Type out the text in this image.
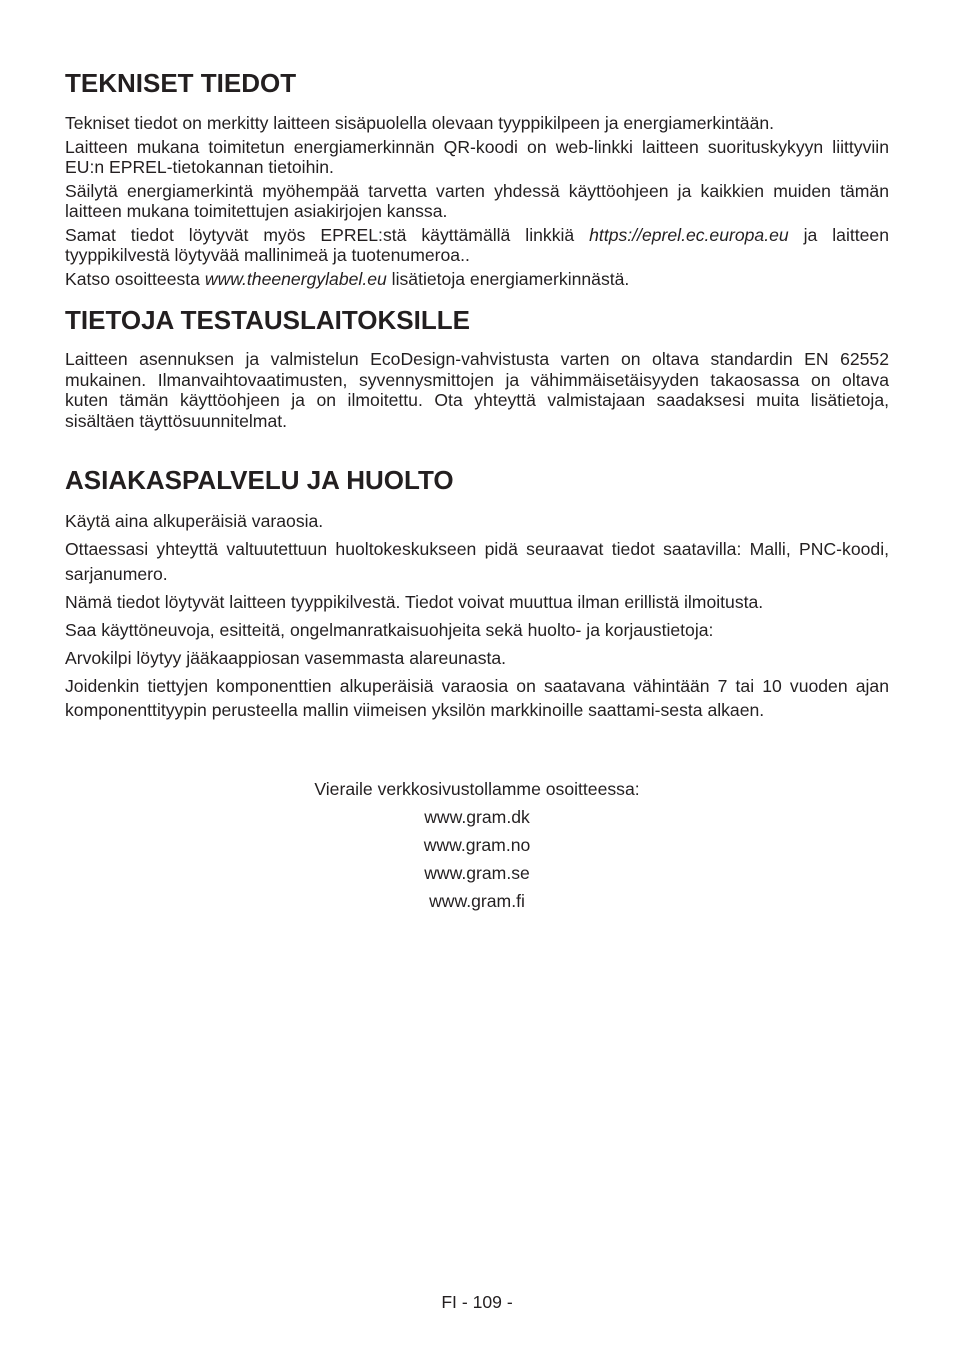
TEKNISET TIEDOT

Tekniset tiedot on merkitty laitteen sisäpuolella olevaan tyyppikilpeen ja energiamerkintään.

Laitteen mukana toimitetun energiamerkinnän QR-koodi on web-linkki laitteen suorituskykyyn liittyviin EU:n EPREL-tietokannan tietoihin.

Säilytä energiamerkintä myöhempää tarvetta varten yhdessä käyttöohjeen ja kaikkien muiden tämän laitteen mukana toimitettujen asiakirjojen kanssa.

Samat tiedot löytyvät myös EPREL:stä käyttämällä linkkiä https://eprel.ec.europa.eu ja laitteen tyyppikilvestä löytyvää mallinimeä ja tuotenumeroa..

Katso osoitteesta www.theenergylabel.eu lisätietoja energiamerkinnästä.

TIETOJA TESTAUSLAITOKSILLE

Laitteen asennuksen ja valmistelun EcoDesign-vahvistusta varten on oltava standardin EN 62552 mukainen. Ilmanvaihtovaatimusten, syvennysmittojen ja vähimmäisetäisyyden takaosassa on oltava kuten tämän käyttöohjeen ja on ilmoitettu. Ota yhteyttä valmistajaan saadaksesi muita lisätietoja, sisältäen täyttösuunnitelmat.

ASIAKASPALVELU JA HUOLTO

Käytä aina alkuperäisiä varaosia.

Ottaessasi yhteyttä valtuutettuun huoltokeskukseen pidä seuraavat tiedot saatavilla: Malli, PNC-koodi, sarjanumero.

Nämä tiedot löytyvät laitteen tyyppikilvestä. Tiedot voivat muuttua ilman erillistä ilmoitusta.

Saa käyttöneuvoja, esitteitä, ongelmanratkaisuohjeita sekä huolto- ja korjaustietoja:

Arvokilpi löytyy jääkaappiosan vasemmasta alareunasta.

Joidenkin tiettyjen komponenttien alkuperäisiä varaosia on saatavana vähintään 7 tai 10 vuoden ajan komponenttityypin perusteella mallin viimeisen yksilön markkinoille saattami-sesta alkaen.

Vieraile verkkosivustollamme osoitteessa:
www.gram.dk
www.gram.no
www.gram.se
www.gram.fi
FI - 109 -
